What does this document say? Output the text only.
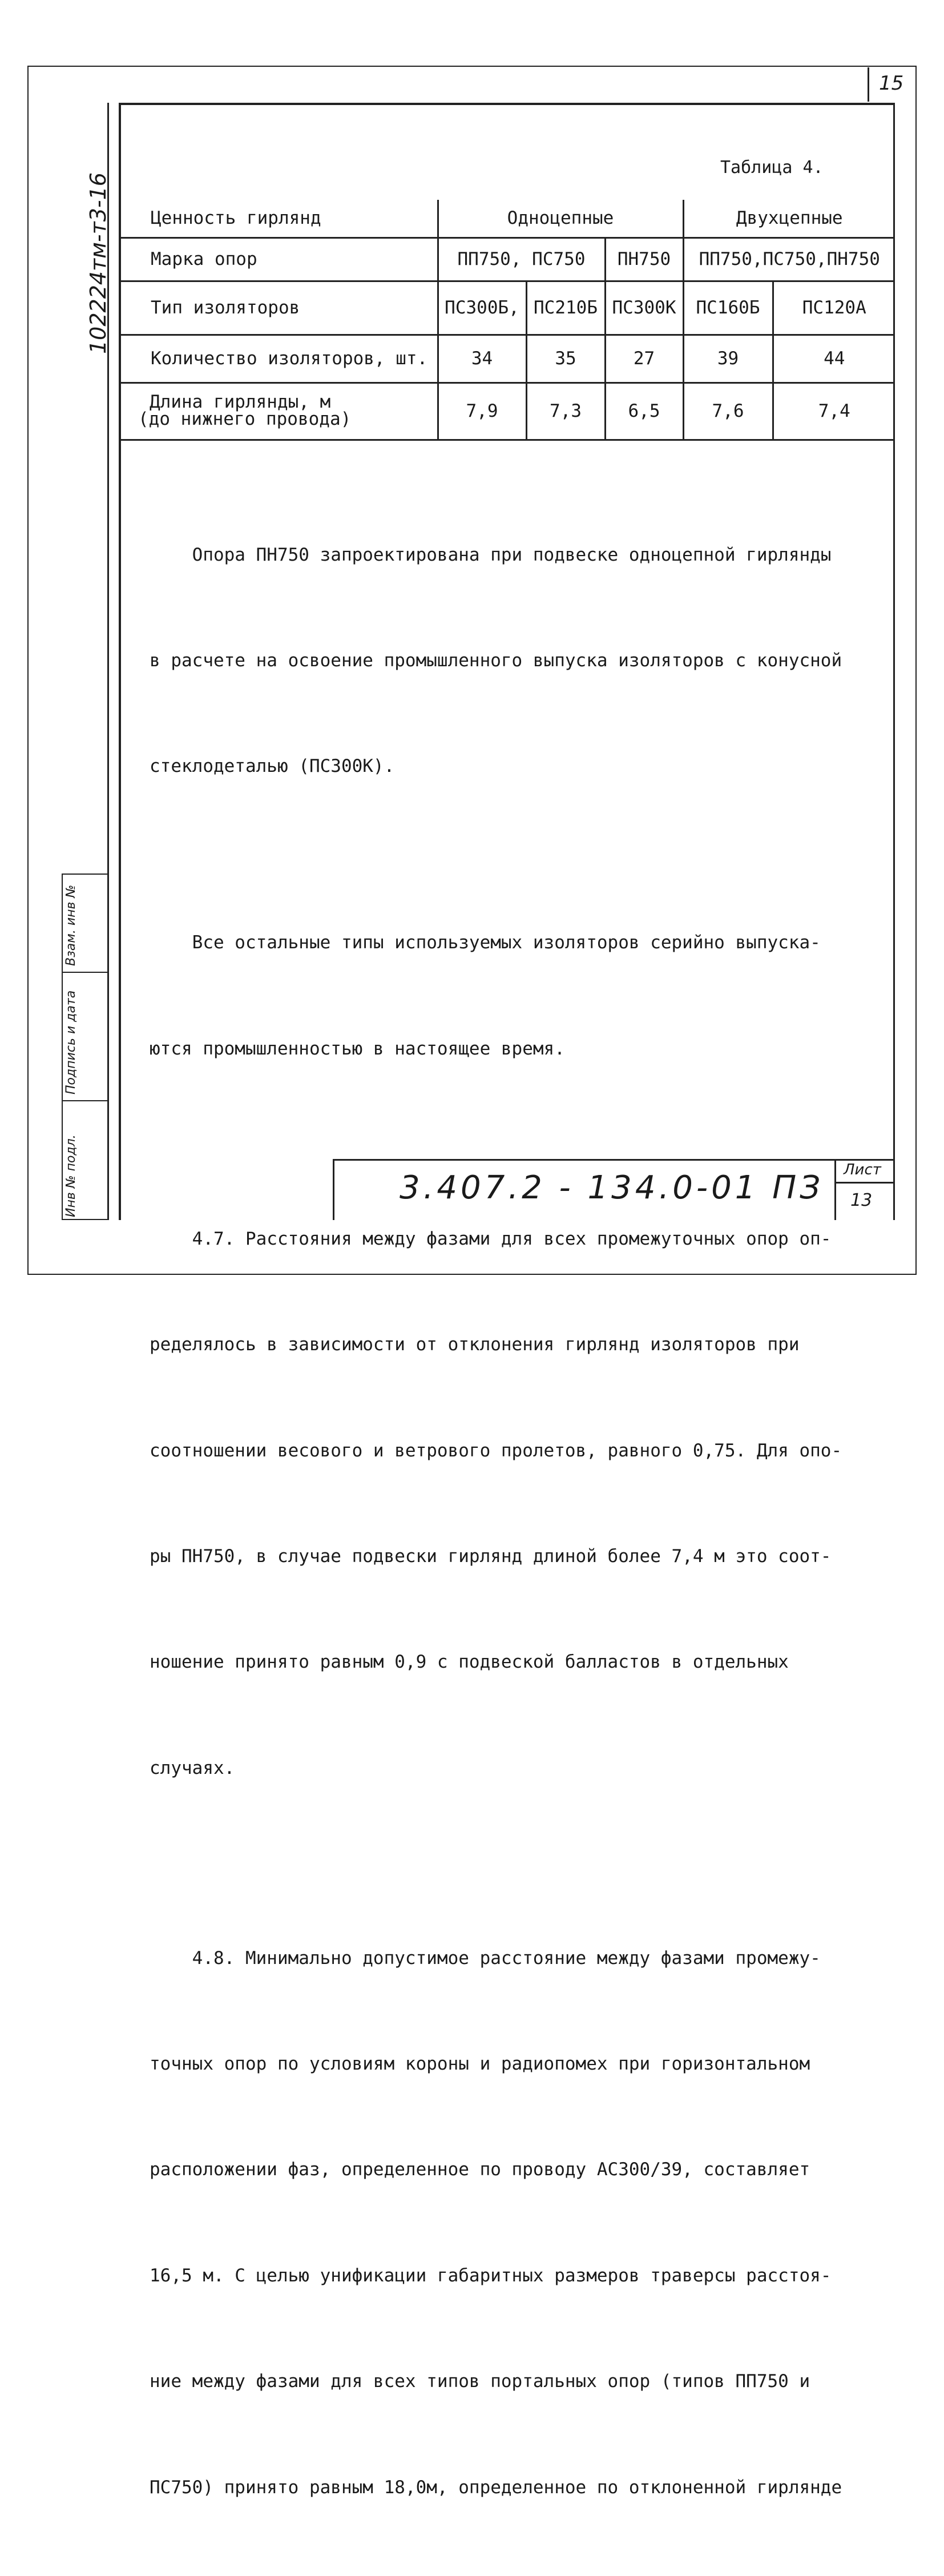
15
102224тм-т3-16
Взам. инв №
Подпись и дата
Инв № подл.
Таблица 4.
Ценность гирлянд	Одноцепные			Двухцепные	
Марка опор	ПП750, ПС750		ПН750	ПП750,ПС750,ПН750	
Тип изоляторов	ПС300Б,	ПС210Б	ПС300К	ПС160Б	ПС120А
Количество изоляторов, шт.	34	35	27	39	44
Длина гирлянды, м
(до нижнего провода)	7,9	7,3	6,5	7,6	7,4

Опора ПН750 запроектирована при подвеске одноцепной гирлянды

в расчете на освоение промышленного выпуска изоляторов с конусной

стеклодеталью (ПС300К).

Все остальные типы используемых изоляторов серийно выпуска-

ются промышленностью в настоящее время.

4.7. Расстояния между фазами для всех промежуточных опор оп-

ределялось в зависимости от отклонения гирлянд изоляторов при

соотношении весового и ветрового пролетов, равного 0,75. Для опо-

ры ПН750, в случае подвески гирлянд длиной более 7,4 м это соот-

ношение принято равным 0,9 с подвеской балластов в отдельных

случаях.

4.8. Минимально допустимое расстояние между фазами промежу-

точных опор по условиям короны и радиопомех при горизонтальном

расположении фаз, определенное по проводу АС300/39, составляет

16,5 м. С целью унификации габаритных размеров траверсы расстоя-

ние между фазами для всех типов портальных опор (типов ПП750 и

ПС750) принято равным 18,0м, определенное по отклоненной гирлянде

3.407.2 - 134.0-01 ПЗ Лист
13
